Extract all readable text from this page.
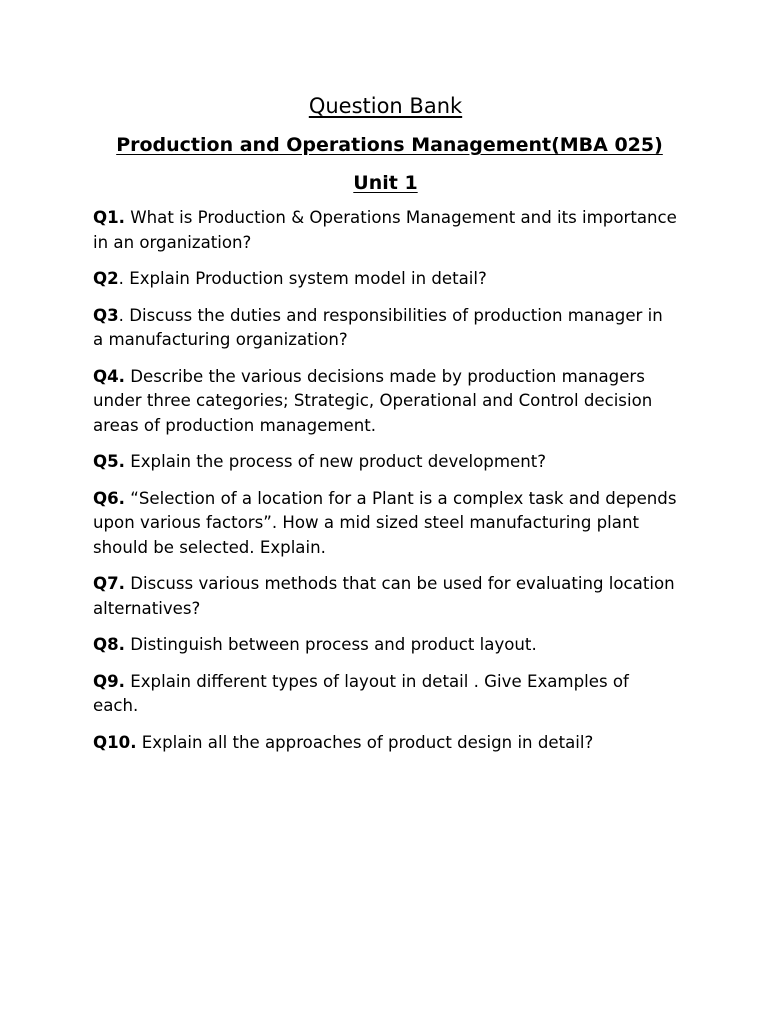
Question Bank
Production and Operations Management(MBA 025)
Unit 1
Q1. What is Production & Operations Management and its importance in an organization?
Q2. Explain Production system model in detail?
Q3. Discuss the duties and responsibilities of production manager in a manufacturing organization?
Q4. Describe the various decisions made by production managers under three categories; Strategic, Operational and Control decision areas of production management.
Q5. Explain the process of new product development?
Q6. “Selection of a location for a Plant is a complex task and depends upon various factors”. How a mid sized steel manufacturing plant should be selected. Explain.
Q7. Discuss various methods that can be used for evaluating location alternatives?
Q8. Distinguish between process and product layout.
Q9. Explain different types of layout in detail . Give Examples of each.
Q10. Explain all the approaches of product design in detail?
